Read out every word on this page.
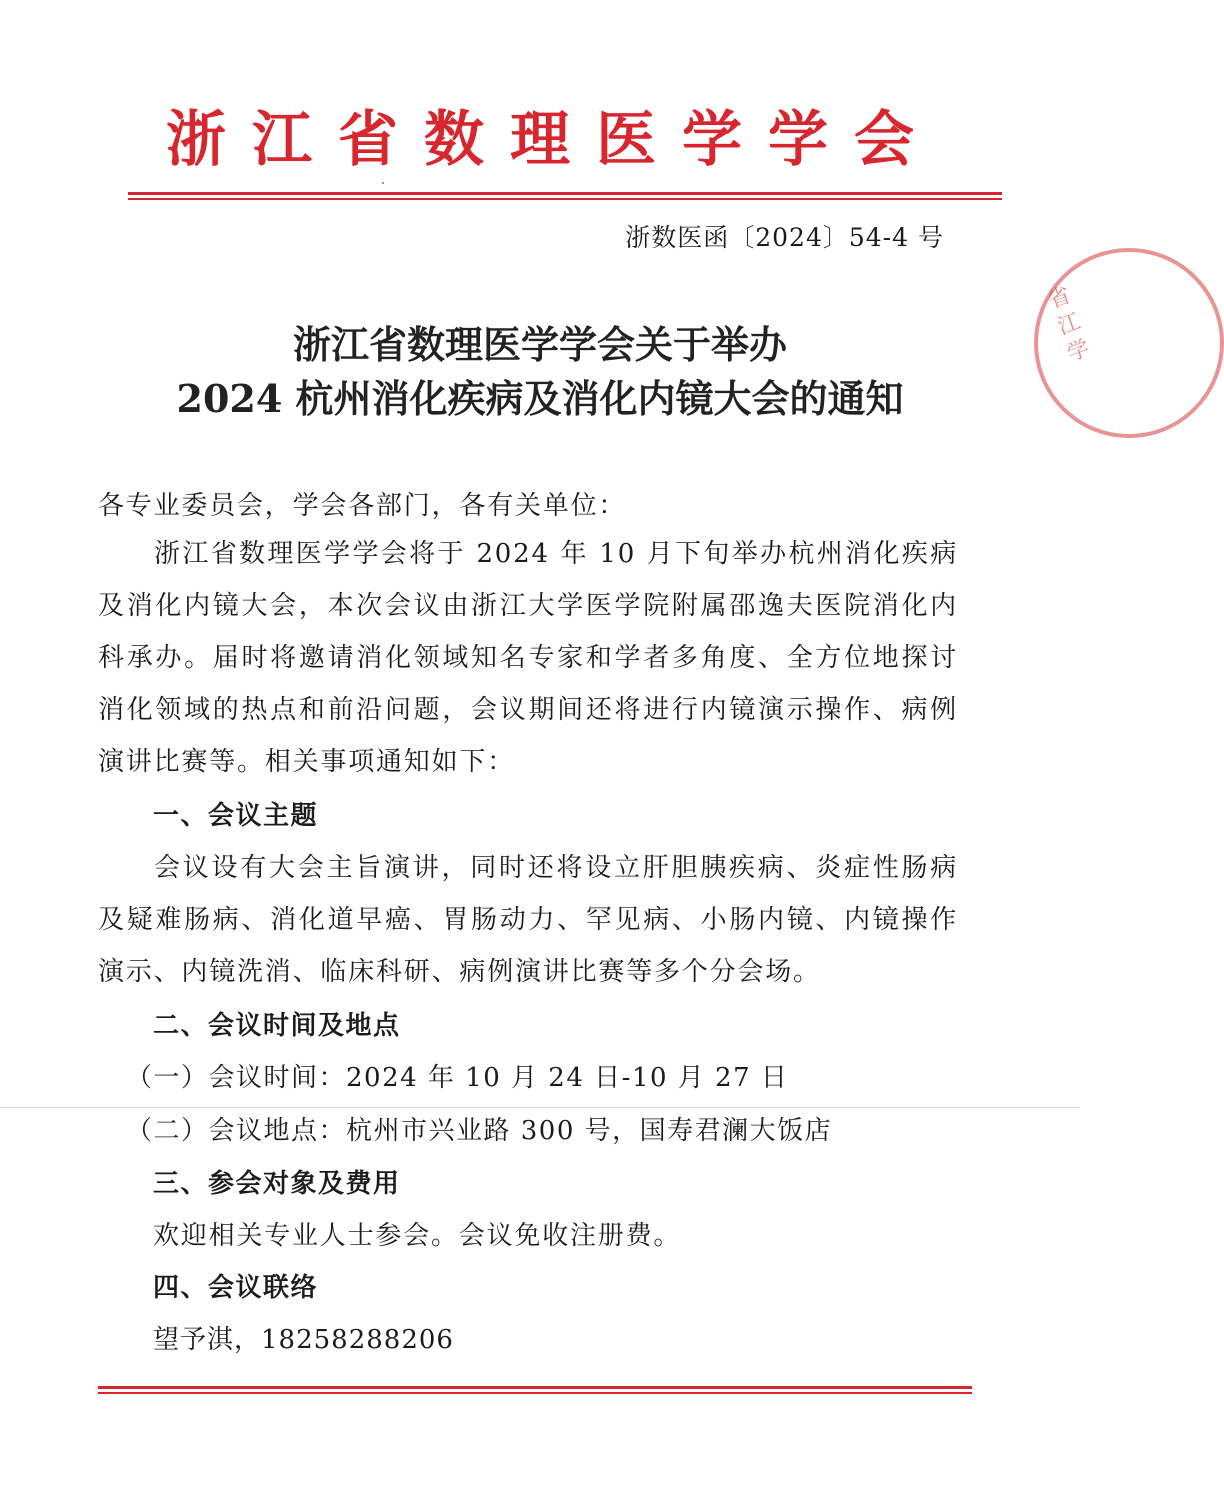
浙江省数理医学学会
浙数医函〔2024〕54-4 号
省 江 学
浙江省数理医学学会关于举办
2024 杭州消化疾病及消化内镜大会的通知
各专业委员会，学会各部门，各有关单位：
浙江省数理医学学会将于 2024 年 10 月下旬举办杭州消化疾病及消化内镜大会，本次会议由浙江大学医学院附属邵逸夫医院消化内科承办。届时将邀请消化领域知名专家和学者多角度、全方位地探讨消化领域的热点和前沿问题，会议期间还将进行内镜演示操作、病例演讲比赛等。相关事项通知如下：
一、会议主题
会议设有大会主旨演讲，同时还将设立肝胆胰疾病、炎症性肠病及疑难肠病、消化道早癌、胃肠动力、罕见病、小肠内镜、内镜操作演示、内镜洗消、临床科研、病例演讲比赛等多个分会场。
二、会议时间及地点
（一）会议时间：2024 年 10 月 24 日-10 月 27 日
（二）会议地点：杭州市兴业路 300 号，国寿君澜大饭店
三、参会对象及费用
欢迎相关专业人士参会。会议免收注册费。
四、会议联络
望予淇，18258288206
